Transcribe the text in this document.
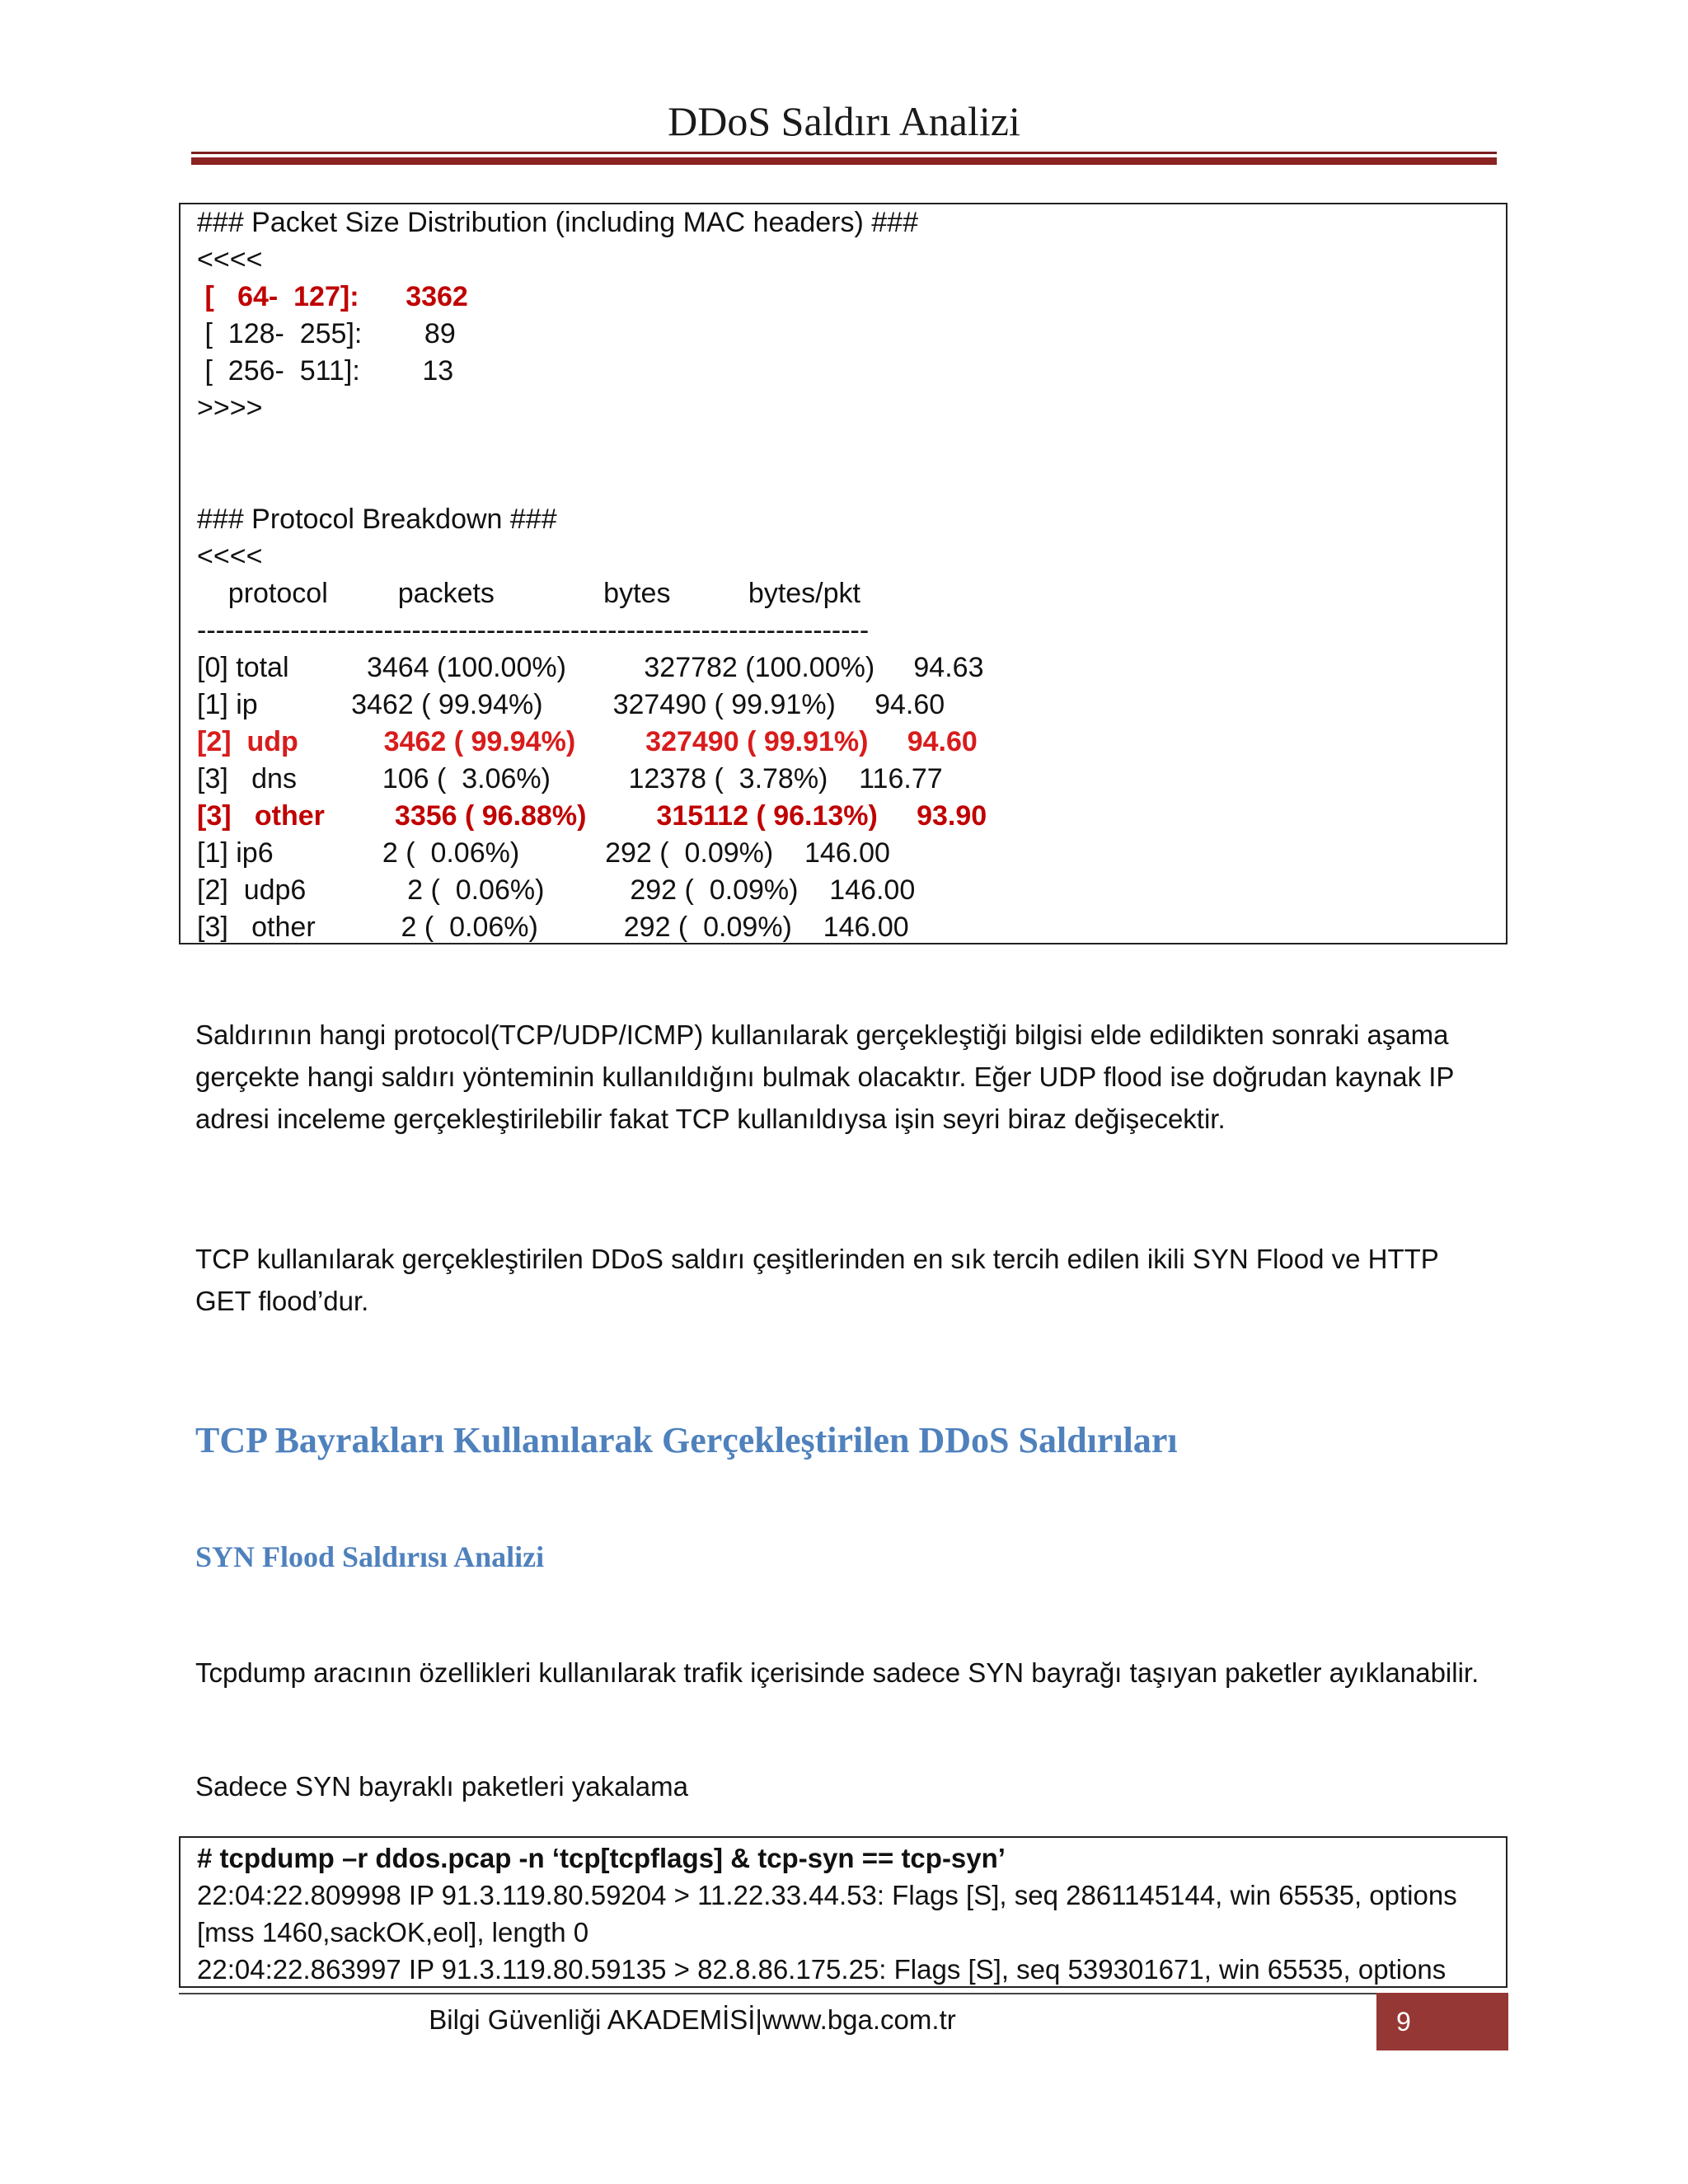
DDoS Saldırı Analizi
### Packet Size Distribution (including MAC headers) ###
<<<<
[   64-  127]:      3362
[  128-  255]:        89
[  256-  511]:        13
>>>>

### Protocol Breakdown ###
<<<<
protocol         packets              bytes          bytes/pkt
------------------------------------------------------------------------
[0] total          3464 (100.00%)          327782 (100.00%)     94.63
[1] ip            3462 ( 99.94%)         327490 ( 99.91%)     94.60
[2]  udp           3462 ( 99.94%)         327490 ( 99.91%)     94.60
[3]   dns           106 (  3.06%)          12378 (  3.78%)    116.77
[3]   other         3356 ( 96.88%)         315112 ( 96.13%)     93.90
[1] ip6              2 (  0.06%)           292 (  0.09%)    146.00
[2]  udp6             2 (  0.06%)           292 (  0.09%)    146.00
[3]   other           2 (  0.06%)           292 (  0.09%)    146.00
Saldırının hangi protocol(TCP/UDP/ICMP) kullanılarak gerçekleştiği bilgisi elde edildikten sonraki aşama gerçekte hangi saldırı yönteminin kullanıldığını bulmak olacaktır. Eğer UDP flood ise doğrudan kaynak IP adresi inceleme gerçekleştirilebilir fakat TCP kullanıldıysa işin seyri biraz değişecektir.
TCP kullanılarak gerçekleştirilen DDoS saldırı çeşitlerinden en sık tercih edilen ikili SYN Flood ve HTTP GET flood’dur.
TCP Bayrakları Kullanılarak Gerçekleştirilen DDoS Saldırıları
SYN Flood Saldırısı Analizi
Tcpdump aracının özellikleri kullanılarak trafik içerisinde sadece SYN bayrağı taşıyan paketler ayıklanabilir.
Sadece SYN bayraklı paketleri yakalama
# tcpdump –r ddos.pcap -n ‘tcp[tcpflags] & tcp-syn == tcp-syn’
22:04:22.809998 IP 91.3.119.80.59204 > 11.22.33.44.53: Flags [S], seq 2861145144, win 65535, options
[mss 1460,sackOK,eol], length 0
22:04:22.863997 IP 91.3.119.80.59135 > 82.8.86.175.25: Flags [S], seq 539301671, win 65535, options
Bilgi Güvenliği AKADEMİSİ|www.bga.com.tr	9
